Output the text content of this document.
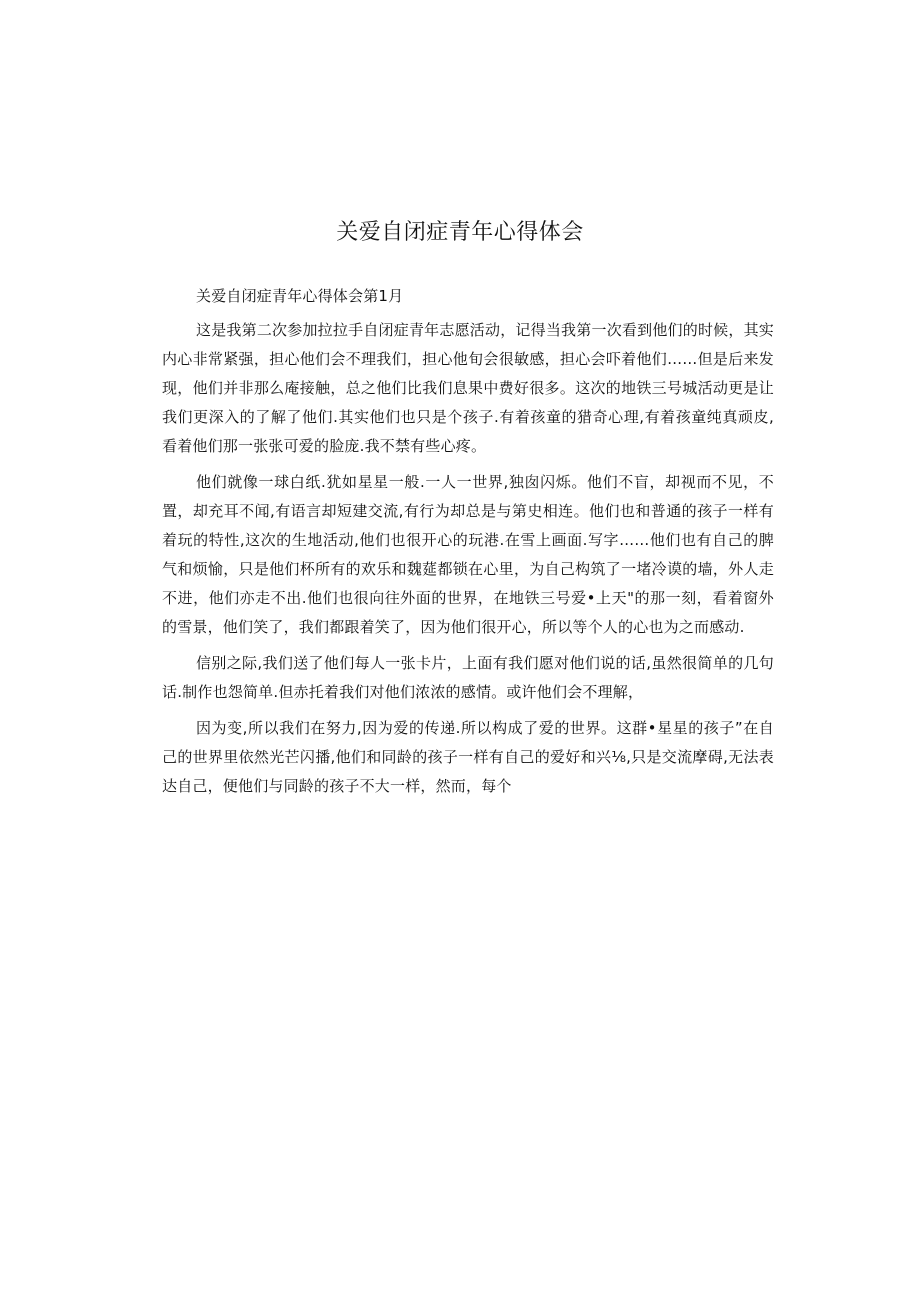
关爱自闭症青年心得体会

关爱自闭症青年心得体会第1月

这是我第二次参加拉拉手自闭症青年志愿活动，记得当我第一次看到他们的时候，其实内心非常紧强，担心他们会不理我们，担心他旬会很敏感，担心会吓着他们……但是后来发现，他们并非那么庵接触，总之他们比我们息果中费好很多。这次的地铁三号城活动更是让我们更深入的了解了他们.其实他们也只是个孩子.有着孩童的猎奇心理,有着孩童纯真顽皮,看着他们那一张张可爱的脸庞.我不禁有些心疼。

他们就像一球白纸.犹如星星一般.一人一世界,独囱闪烁。他们不盲，却视而不见，不置，却充耳不闻,有语言却短建交流,有行为却总是与第史相连。他们也和普通的孩子一样有着玩的特性,这次的生地活动,他们也很开心的玩港.在雪上画面.写字……他们也有自己的脾气和烦愉，只是他们杯所有的欢乐和魏莚都锁在心里，为自己构筑了一堵冷谟的墙，外人走不进，他们亦走不出.他们也很向往外面的世界，在地铁三号爱•上天"的那一刻，看着窗外的雪景，他们笑了，我们都跟着笑了，因为他们很开心，所以等个人的心也为之而感动.

信别之际,我们送了他们每人一张卡片，上面有我们愿对他们说的话,虽然很简单的几句话.制作也怨简单.但赤托着我们对他们浓浓的感情。或许他们会不理解，

因为变,所以我们在努力,因为爱的传递.所以构成了爱的世界。这群•星星的孩子”在自己的世界里依然光芒闪播,他们和同龄的孩子一样有自己的爱好和兴⅛,只是交流摩碍,无法表达自己，便他们与同龄的孩子不大一样，然而，每个
